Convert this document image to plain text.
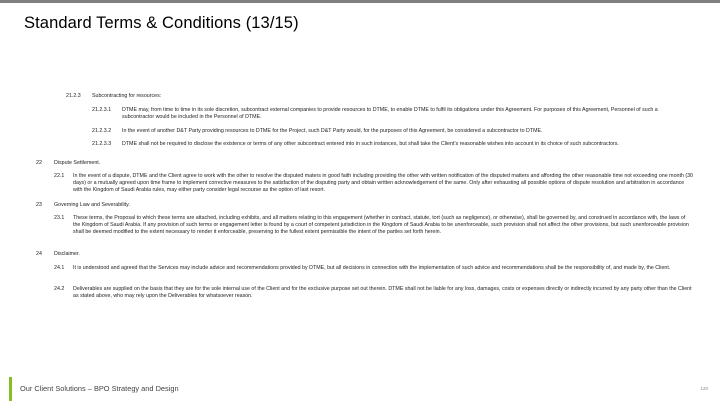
Standard Terms & Conditions (13/15)
21.2.3 Subcontracting for resources:
21.2.3.1 DTME may, from time to time in its sole discretion, subcontract external companies to provide resources to DTME, to enable DTME to fulfil its obligations under this Agreement. For purposes of this Agreement, Personnel of such a subcontractor would be included in the Personnel of DTME.
21.2.3.2 In the event of another D&T Party providing resources to DTME for the Project, such D&T Party would, for the purposes of this Agreement, be considered a subcontractor to DTME.
21.2.3.3 DTME shall not be required to disclose the existence or terms of any other subcontract entered into in such instances, but shall take the Client’s reasonable wishes into account in its choice of such subcontractors.
22 Dispute Settlement.
22.1 In the event of a dispute, DTME and the Client agree to work with the other to resolve the disputed maters in good faith including providing the other with written notification of the disputed matters and affording the other reasonable time not exceeding one month (30 days) or a mutually agreed upon time frame to implement corrective measures to the satisfaction of the disputing party and obtain written acknowledgement of the same. Only after exhausting all possible options of dispute resolution and arbitration in accordance with the Kingdom of Saudi Arabia rules, may either party consider legal recourse as the option of last resort.
23 Governing Law and Severability.
23.1 These terms, the Proposal to which these terms are attached, including exhibits, and all matters relating to this engagement (whether in contract, statute, tort (such as negligence), or otherwise), shall be governed by, and construed in accordance with, the laws of the Kingdom of Saudi Arabia. If any provision of such terms or engagement letter is found by a court of competent jurisdiction in the Kingdom of Saudi Arabia to be unenforceable, such provision shall not affect the other provisions, but such unenforceable provision shall be deemed modified to the extent necessary to render it enforceable, preserving to the fullest extent permissible the intent of the parties set forth herein.
24 Disclaimer.
24.1 It is understood and agreed that the Services may include advice and recommendations provided by DTME, but all decisions in connection with the implementation of such advice and recommendations shall be the responsibility of, and made by, the Client.
24.2 Deliverables are supplied on the basis that they are for the sole internal use of the Client and for the exclusive purpose set out therein. DTME shall not be liable for any loss, damages, costs or expenses directly or indirectly incurred by any party other than the Client as stated above, who may rely upon the Deliverables for whatsoever reason.
Our Client Solutions – BPO Strategy and Design	120
